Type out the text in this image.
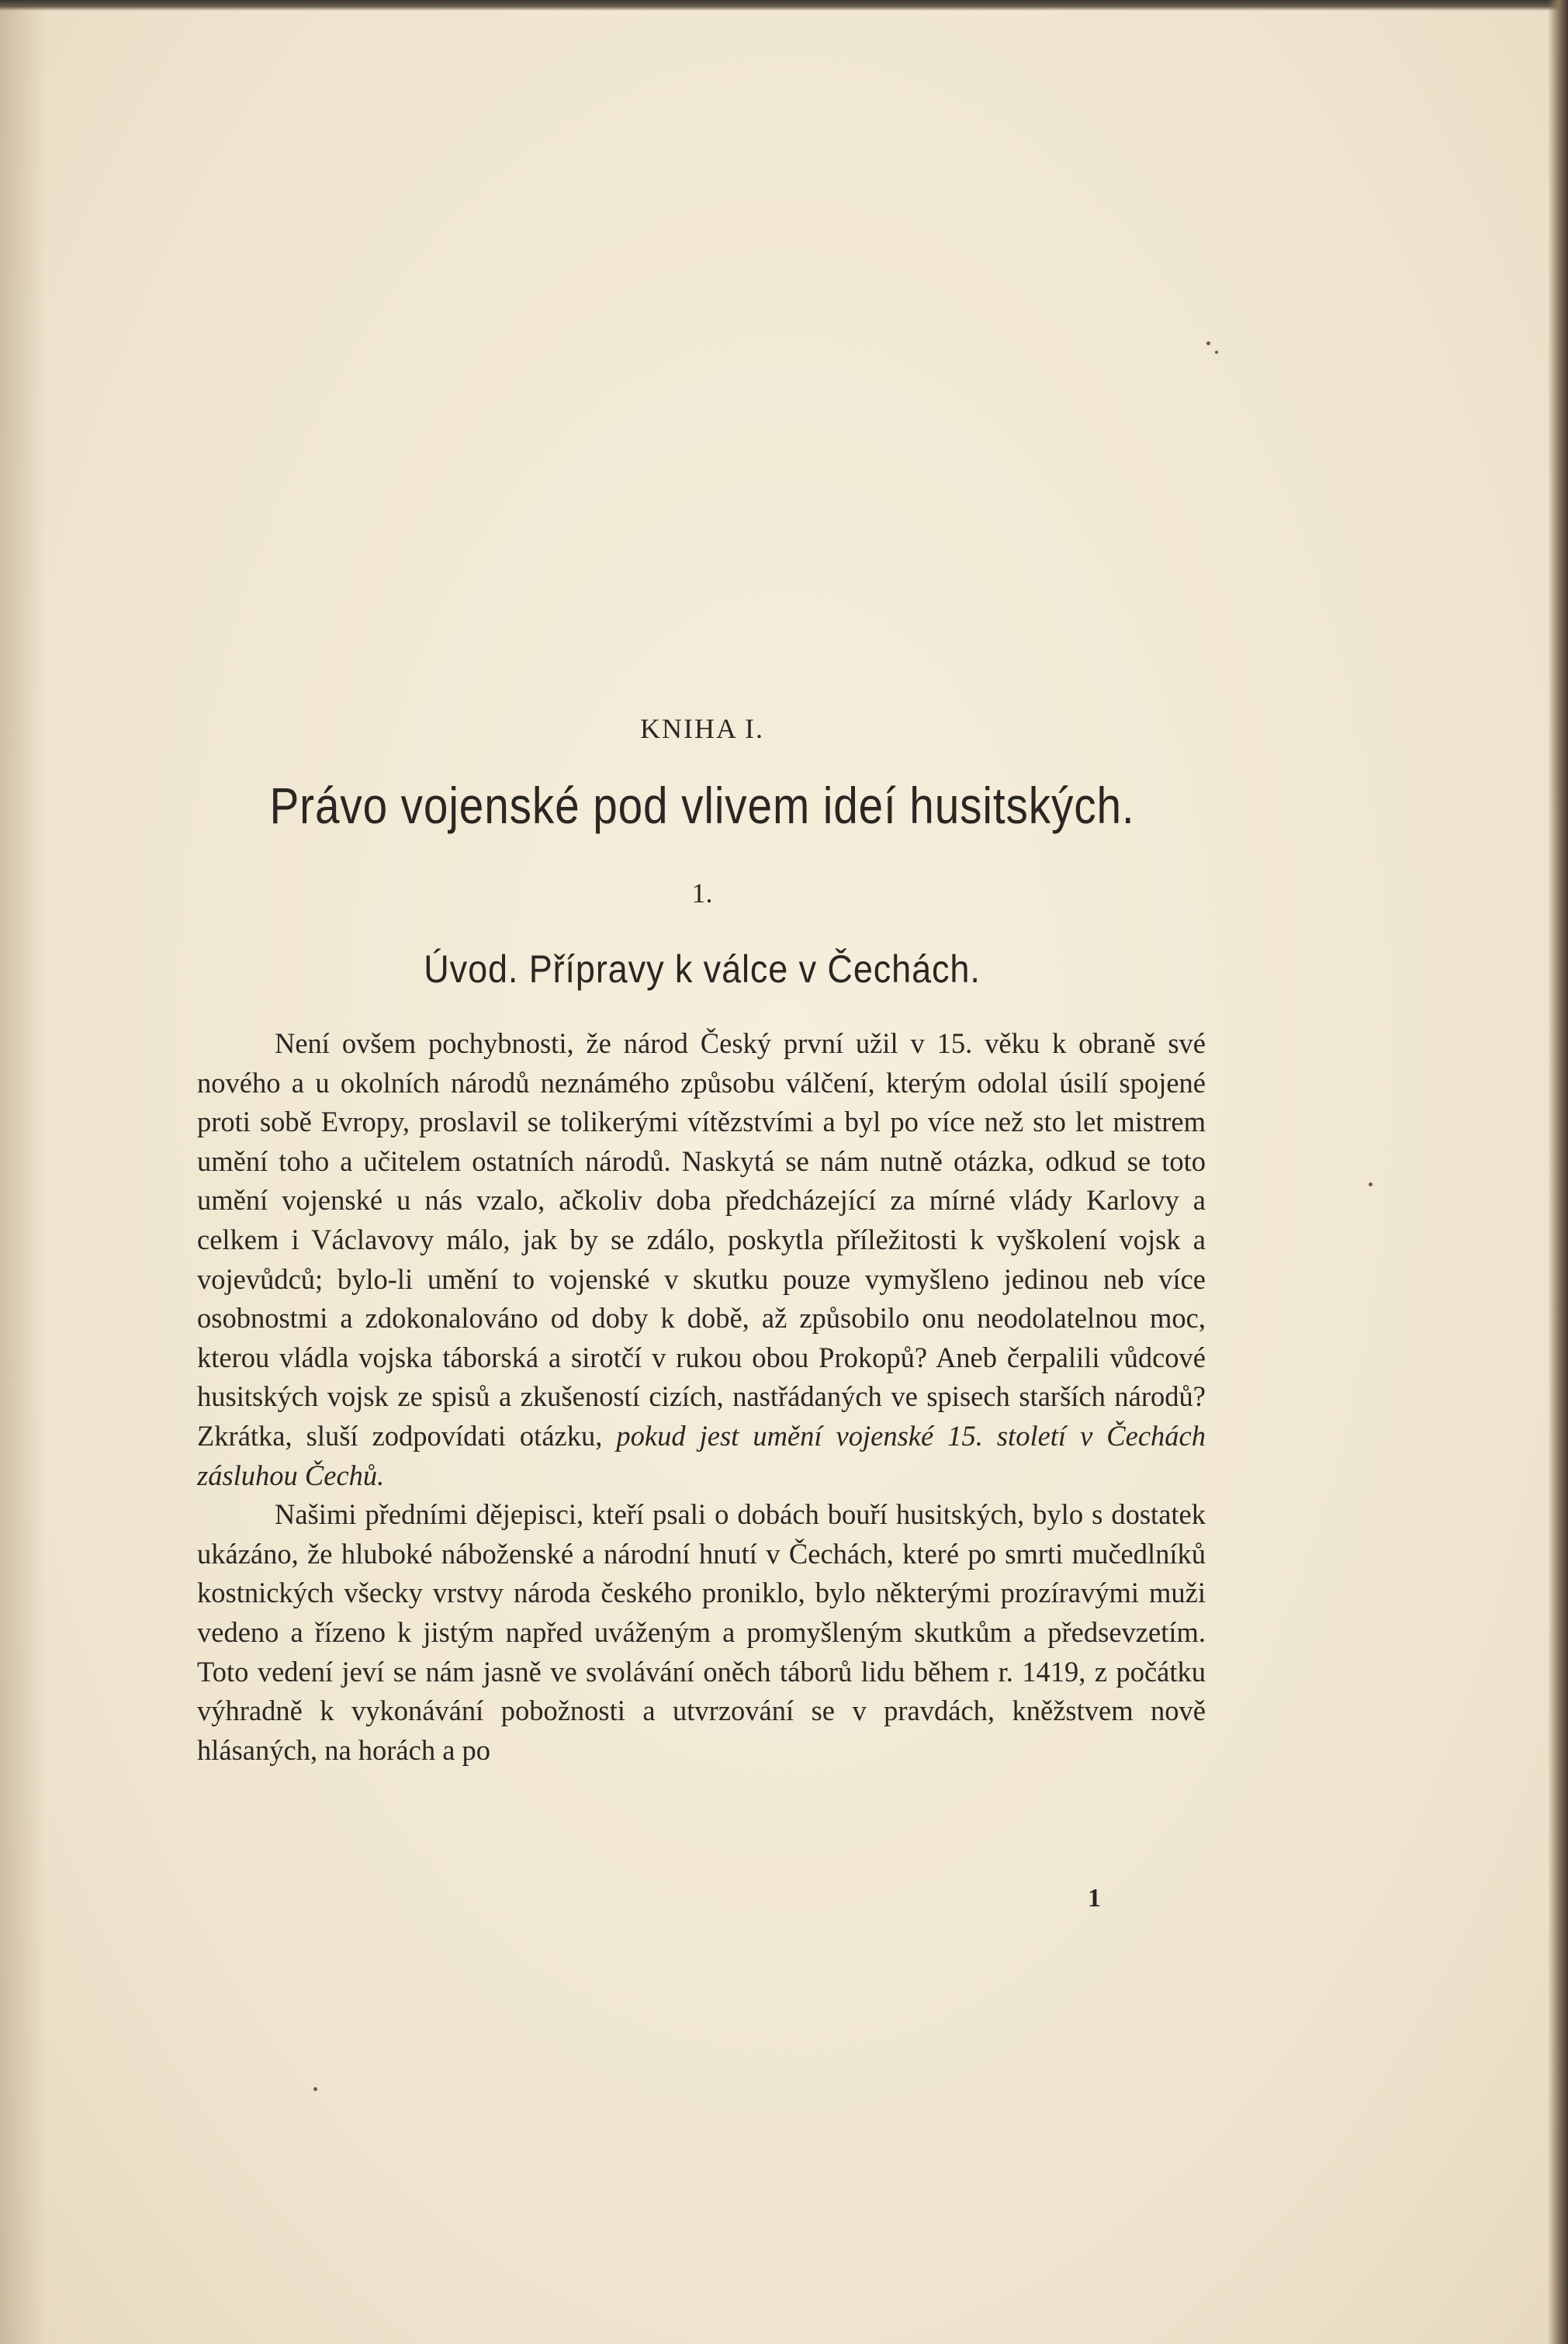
KNIHA I.
Právo vojenské pod vlivem ideí husitských.
1.
Úvod. Přípravy k válce v Čechách.

Není ovšem pochybnosti, že národ Český první užil v 15. věku k obraně své nového a u okolních národů neznámého způsobu válčení, kterým odolal úsilí spojené proti sobě Evropy, proslavil se tolikerými vítězstvími a byl po více než sto let mistrem umění toho a učitelem ostatních národů. Naskytá se nám nutně otázka, odkud se toto umění vojenské u nás vzalo, ačkoliv doba předcházející za mírné vlády Karlovy a celkem i Václavovy málo, jak by se zdálo, poskytla příležitosti k vyškolení vojsk a vojevůdců; bylo-li umění to vojenské v skutku pouze vymyšleno jedinou neb více osobnostmi a zdokonalováno od doby k době, až způsobilo onu neodolatelnou moc, kterou vládla vojska táborská a sirotčí v rukou obou Prokopů? Aneb čerpalili vůdcové husitských vojsk ze spisů a zkušeností cizích, nastřádaných ve spisech starších národů? Zkrátka, sluší zodpovídati otázku, pokud jest umění vojenské 15. století v Čechách zásluhou Čechů.

Našimi předními dějepisci, kteří psali o dobách bouří husitských, bylo s dostatek ukázáno, že hluboké náboženské a národní hnutí v Čechách, které po smrti mučedlníků kostnických všecky vrstvy národa českého proniklo, bylo některými prozíravými muži vedeno a řízeno k jistým napřed uváženým a promyšleným skutkům a předsevzetím. Toto vedení jeví se nám jasně ve svolávání oněch táborů lidu během r. 1419, z počátku výhradně k vykonávání pobožnosti a utvrzování se v pravdách, kněžstvem nově hlásaných, na horách a po

1
